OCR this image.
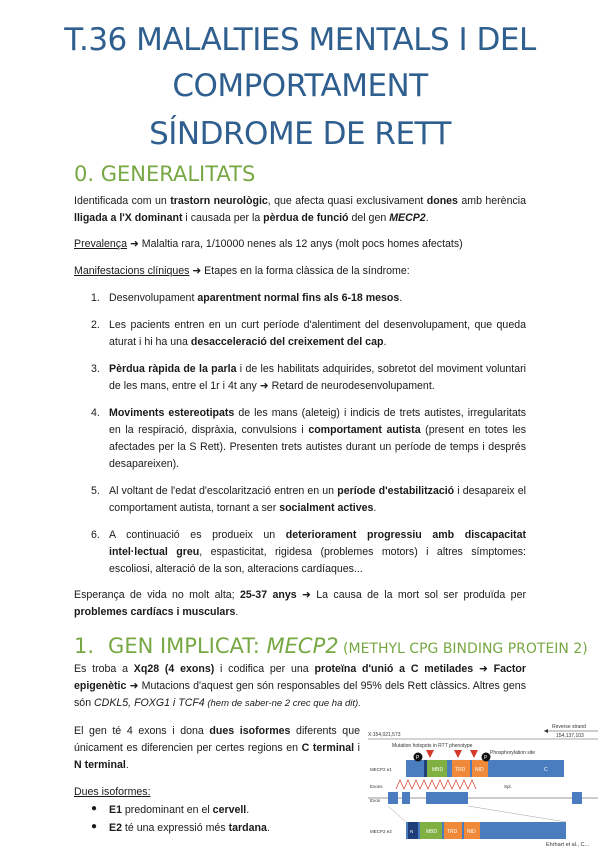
T.36 MALALTIES MENTALS I DEL
COMPORTAMENT
SÍNDROME DE RETT
0. GENERALITATS
Identificada com un trastorn neurològic, que afecta quasi exclusivament dones amb herència lligada a l'X dominant i causada per la pèrdua de funció del gen MECP2.
Prevalença ➜ Malaltia rara, 1/10000 nenes als 12 anys (molt pocs homes afectats)
Manifestacions clíniques ➜ Etapes en la forma clàssica de la síndrome:
1. Desenvolupament aparentment normal fins als 6-18 mesos.
2. Les pacients entren en un curt període d'alentiment del desenvolupament, que queda aturat i hi ha una desacceleració del creixement del cap.
3. Pèrdua ràpida de la parla i de les habilitats adquirides, sobretot del moviment voluntari de les mans, entre el 1r i 4t any ➜ Retard de neurodesenvolupament.
4. Moviments estereotipats de les mans (aleteig) i indicis de trets autistes, irregularitats en la respiració, dispràxia, convulsions i comportament autista (present en totes les afectades per la S Rett). Presenten trets autistes durant un període de temps i després desapareixen).
5. Al voltant de l'edat d'escolarització entren en un període d'estabilització i desapareix el comportament autista, tornant a ser socialment actives.
6. A continuació es produeix un deteriorament progressiu amb discapacitat intel·lectual greu, espasticitat, rigidesa (problemes motors) i altres símptomes: escoliosi, alteració de la son, alteracions cardíaques...
Esperança de vida no molt alta; 25-37 anys ➜ La causa de la mort sol ser produïda per problemes cardíacs i musculars.
1. GEN IMPLICAT: MECP2 (METHYL CPG BINDING PROTEIN 2)
Es troba a Xq28 (4 exons) i codifica per una proteïna d'unió a C metilades ➜ Factor epigenètic ➜ Mutacions d'aquest gen són responsables del 95% dels Rett clàssics. Altres gens són CDKL5, FOXG1 i TCF4 (hem de saber-ne 2 crec que ha dit).
El gen té 4 exons i dona dues isoformes diferents que únicament es diferencien per certes regions en C terminal i N terminal.
Dues isoformes:
● E1 predominant en el cervell.
● E2 té una expressió més tardana.
Reverse strand
X:154,021,573	154,137,103
Mutation hotspots in RTT phenotype
Phosphorylation site
MECP2 e1	MBD TRD NID	C
P	P
Exons	Spl.
Exon
MECP2 e2	N	MBD TRD NID
Ehrhart et al., C...
